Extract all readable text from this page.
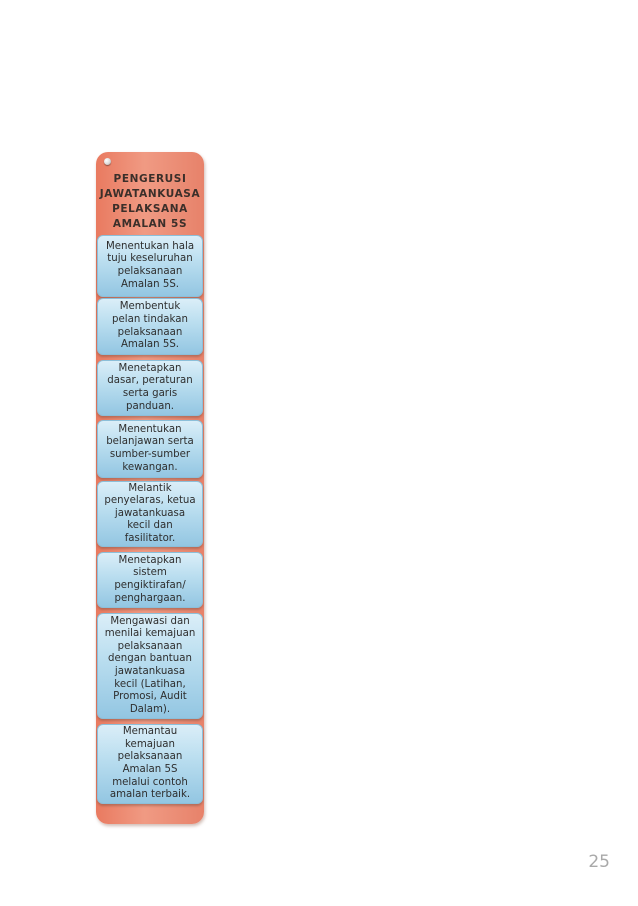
PENGERUSI
JAWATANKUASA
PELAKSANA
AMALAN 5S
Menentukan hala
tuju keseluruhan
pelaksanaan
Amalan 5S.
Membentuk
pelan tindakan
pelaksanaan
Amalan 5S.
Menetapkan
dasar, peraturan
serta garis
panduan.
Menentukan
belanjawan serta
sumber-sumber
kewangan.
Melantik
penyelaras, ketua
jawatankuasa
kecil dan
fasilitator.
Menetapkan
sistem
pengiktirafan/
penghargaan.
Mengawasi dan
menilai kemajuan
pelaksanaan
dengan bantuan
jawatankuasa
kecil (Latihan,
Promosi, Audit
Dalam).
Memantau
kemajuan
pelaksanaan
Amalan 5S
melalui contoh
amalan terbaik.
25
